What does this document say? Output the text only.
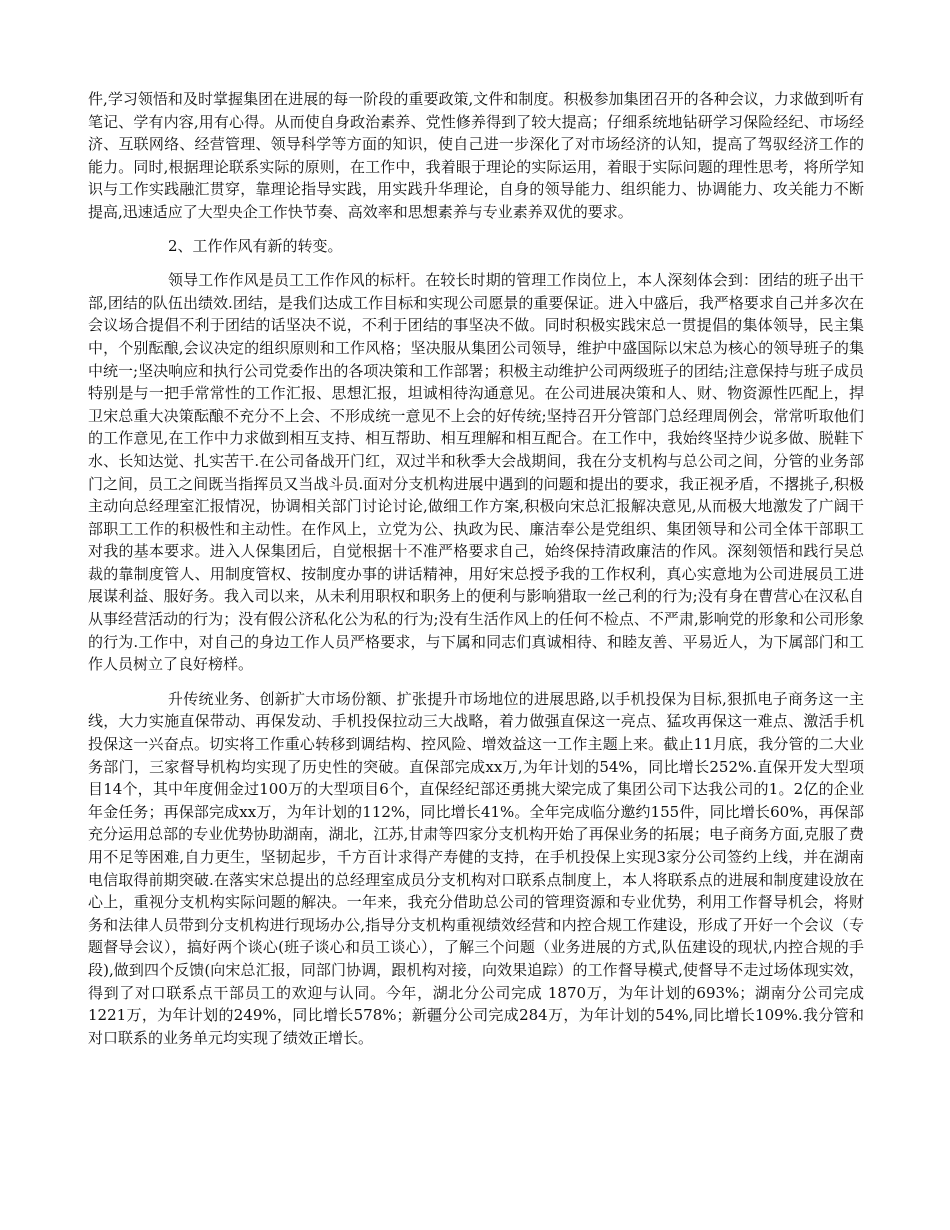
件,学习领悟和及时掌握集团在进展的每一阶段的重要政策,文件和制度。积极参加集团召开的各种会议，力求做到听有笔记、学有内容,用有心得。从而使自身政治素养、党性修养得到了较大提高；仔细系统地钻研学习保险经纪、市场经济、互联网络、经营管理、领导科学等方面的知识，使自己进一步深化了对市场经济的认知，提高了驾驭经济工作的能力。同时,根据理论联系实际的原则，在工作中，我着眼于理论的实际运用，着眼于实际问题的理性思考，将所学知识与工作实践融汇贯穿，靠理论指导实践，用实践升华理论，自身的领导能力、组织能力、协调能力、攻关能力不断提高,迅速适应了大型央企工作快节奏、高效率和思想素养与专业素养双优的要求。

2、工作作风有新的转变。

领导工作作风是员工工作作风的标杆。在较长时期的管理工作岗位上，本人深刻体会到：团结的班子出干部,团结的队伍出绩效.团结，是我们达成工作目标和实现公司愿景的重要保证。进入中盛后，我严格要求自己并多次在会议场合提倡不利于团结的话坚决不说，不利于团结的事坚决不做。同时积极实践宋总一贯提倡的集体领导，民主集中，个别酝酿,会议决定的组织原则和工作风格；坚决服从集团公司领导，维护中盛国际以宋总为核心的领导班子的集中统一;坚决响应和执行公司党委作出的各项决策和工作部署；积极主动维护公司两级班子的团结;注意保持与班子成员特别是与一把手常常性的工作汇报、思想汇报，坦诚相待沟通意见。在公司进展决策和人、财、物资源性匹配上，捍卫宋总重大决策酝酿不充分不上会、不形成统一意见不上会的好传统;坚持召开分管部门总经理周例会，常常听取他们的工作意见,在工作中力求做到相互支持、相互帮助、相互理解和相互配合。在工作中，我始终坚持少说多做、脱鞋下水、长知达觉、扎实苦干.在公司备战开门红，双过半和秋季大会战期间，我在分支机构与总公司之间，分管的业务部门之间，员工之间既当指挥员又当战斗员.面对分支机构进展中遇到的问题和提出的要求，我正视矛盾，不撂挑子,积极主动向总经理室汇报情况，协调相关部门讨论讨论,做细工作方案,积极向宋总汇报解决意见,从而极大地激发了广阔干部职工工作的积极性和主动性。在作风上，立党为公、执政为民、廉洁奉公是党组织、集团领导和公司全体干部职工对我的基本要求。进入人保集团后，自觉根据十不准严格要求自己，始终保持清政廉洁的作风。深刻领悟和践行吴总裁的靠制度管人、用制度管权、按制度办事的讲话精神，用好宋总授予我的工作权利，真心实意地为公司进展员工进展谋利益、服好务。我入司以来，从未利用职权和职务上的便利与影响猎取一丝己利的行为;没有身在曹营心在汉私自从事经营活动的行为；没有假公济私化公为私的行为;没有生活作风上的任何不检点、不严肃,影响党的形象和公司形象的行为.工作中，对自己的身边工作人员严格要求，与下属和同志们真诚相待、和睦友善、平易近人，为下属部门和工作人员树立了良好榜样。

升传统业务、创新扩大市场份额、扩张提升市场地位的进展思路,以手机投保为目标,狠抓电子商务这一主线，大力实施直保带动、再保发动、手机投保拉动三大战略，着力做强直保这一亮点、猛攻再保这一难点、激活手机投保这一兴奋点。切实将工作重心转移到调结构、控风险、增效益这一工作主题上来。截止11月底，我分管的二大业务部门，三家督导机构均实现了历史性的突破。直保部完成xx万,为年计划的54%，同比增长252%.直保开发大型项目14个，其中年度佣金过100万的大型项目6个，直保经纪部还勇挑大梁完成了集团公司下达我公司的1。2亿的企业年金任务；再保部完成xx万，为年计划的112%，同比增长41%。全年完成临分邀约155件，同比增长60%，再保部充分运用总部的专业优势协助湖南，湖北，江苏,甘肃等四家分支机构开始了再保业务的拓展；电子商务方面,克服了费用不足等困难,自力更生，坚韧起步，千方百计求得产寿健的支持，在手机投保上实现3家分公司签约上线，并在湖南电信取得前期突破.在落实宋总提出的总经理室成员分支机构对口联系点制度上，本人将联系点的进展和制度建设放在心上，重视分支机构实际问题的解决。一年来，我充分借助总公司的管理资源和专业优势，利用工作督导机会，将财务和法律人员带到分支机构进行现场办公,指导分支机构重视绩效经营和内控合规工作建设，形成了开好一个会议（专题督导会议），搞好两个谈心(班子谈心和员工谈心），了解三个问题（业务进展的方式,队伍建设的现状,内控合规的手段),做到四个反馈(向宋总汇报，同部门协调，跟机构对接，向效果追踪）的工作督导模式,使督导不走过场体现实效，得到了对口联系点干部员工的欢迎与认同。今年，湖北分公司完成 1870万，为年计划的693%；湖南分公司完成1221万，为年计划的249%，同比增长578%；新疆分公司完成284万，为年计划的54%,同比增长109%.我分管和对口联系的业务单元均实现了绩效正增长。
